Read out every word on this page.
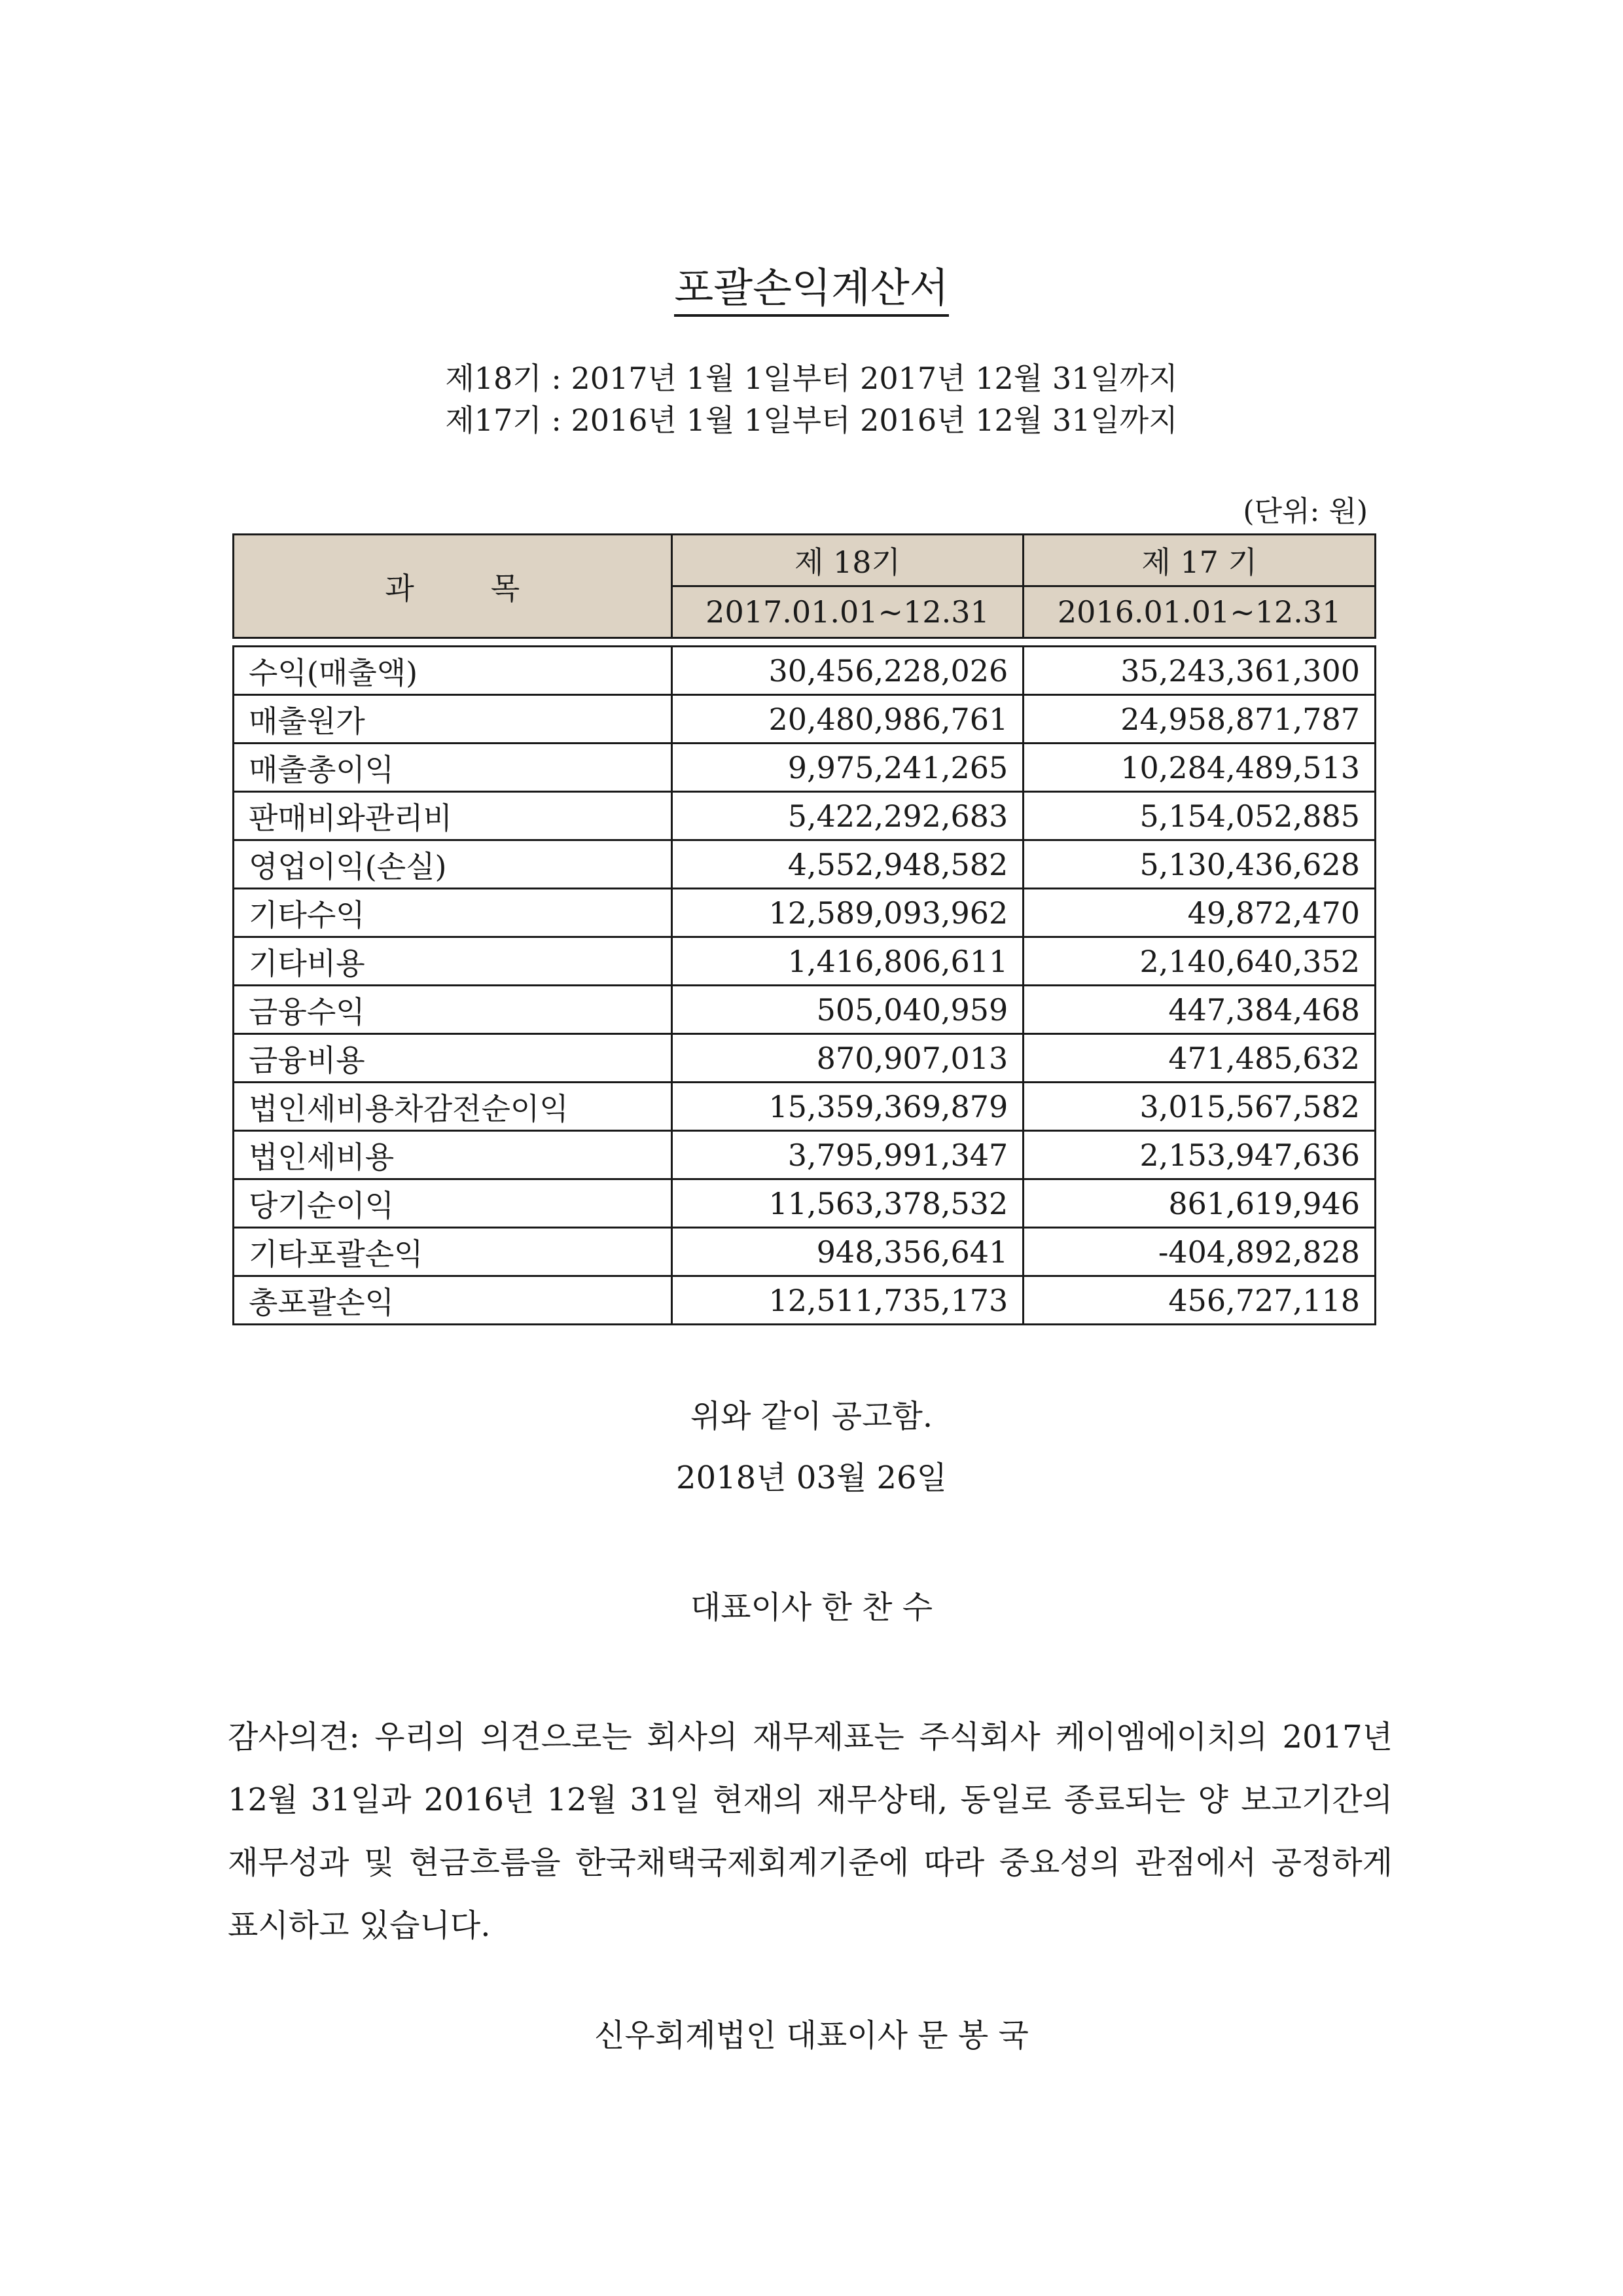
포괄손익계산서
제18기 : 2017년 1월 1일부터 2017년 12월 31일까지
제17기 : 2016년 1월 1일부터 2016년 12월 31일까지
(단위: 원)
과        목	제 18기	제 17 기
	2017.01.01~12.31	2016.01.01~12.31

수익(매출액)	30,456,228,026	35,243,361,300
매출원가	20,480,986,761	24,958,871,787
매출총이익	9,975,241,265	10,284,489,513
판매비와관리비	5,422,292,683	5,154,052,885
영업이익(손실)	4,552,948,582	5,130,436,628
기타수익	12,589,093,962	49,872,470
기타비용	1,416,806,611	2,140,640,352
금융수익	505,040,959	447,384,468
금융비용	870,907,013	471,485,632
법인세비용차감전순이익	15,359,369,879	3,015,567,582
법인세비용	3,795,991,347	2,153,947,636
당기순이익	11,563,378,532	861,619,946
기타포괄손익	948,356,641	-404,892,828
총포괄손익	12,511,735,173	456,727,118
위와 같이 공고함.
2018년 03월 26일
대표이사 한 찬 수
감사의견: 우리의 의견으로는 회사의 재무제표는 주식회사 케이엠에이치의 2017년 12월 31일과 2016년 12월 31일 현재의 재무상태, 동일로 종료되는 양 보고기간의 재무성과 및 현금흐름을 한국채택국제회계기준에 따라 중요성의 관점에서 공정하게 표시하고 있습니다.
신우회계법인 대표이사 문 봉 국
